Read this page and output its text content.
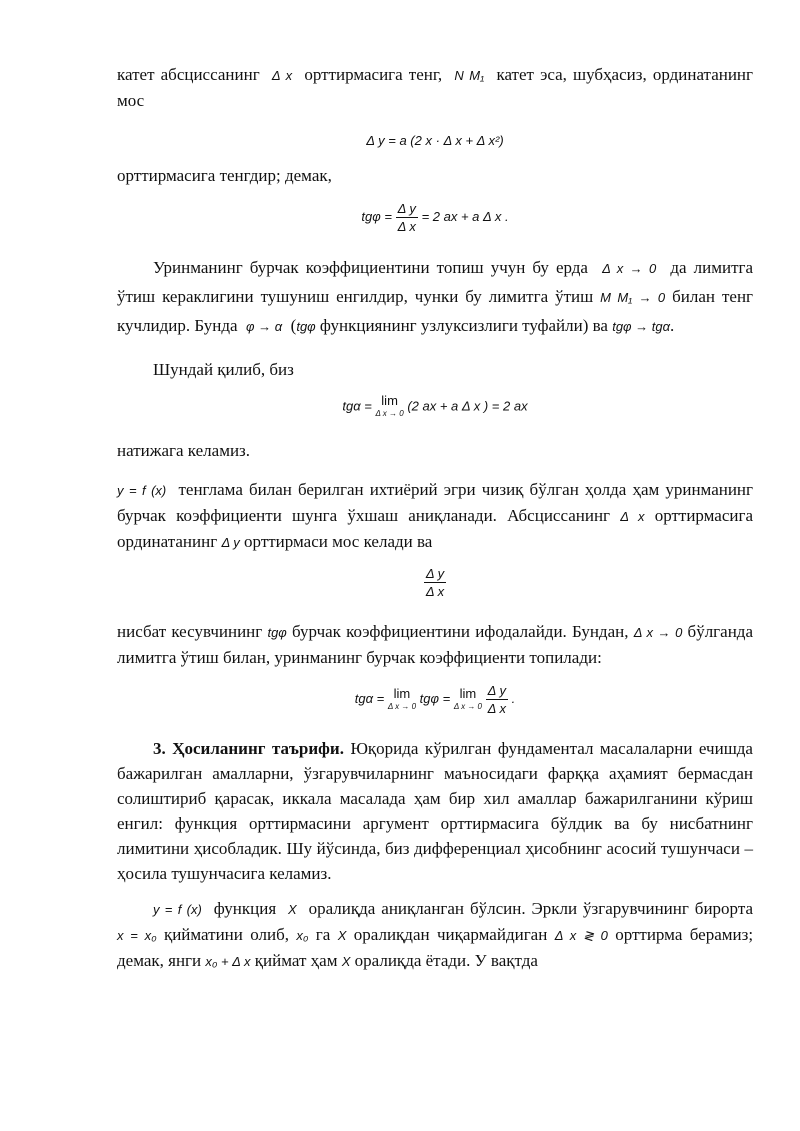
катет абсциссанинг Δ x орттирмасига тенг, N M₁ катет эса, шубҳасиз, ординатанинг мос

Δ y = a (2 x · Δ x + Δ x²)

орттирмасига тенгдир; демак,

$tg\varphi = \frac{\text{Δ y}}{\text{Δ x}} = 2$ ax + a Δ x .

Уринманинг бурчак коэффициентини топиш учун бу ерда Δ x → 0 да лимитга ўтиш кераклигини тушуниш енгилдир, чунки бу лимитга ўтиш M M₁ → 0 билан тенг кучлидир. Бунда φ → α (tgφ функциянинг узлуксизлиги туфайли) ва tgφ → tgα.

Шундай қилиб, биз

tgα = lim
Δ x → 0
(2 ax + a Δ x ) = 2 ax

натижага келамиз.

y = f (x) тенглама билан берилган ихтиёрий эгри чизиқ бўлган ҳолда ҳам уринманинг бурчак коэффициенти шунга ўхшаш аниқланади. Абсциссанинг Δ x орттирмасига ординатанинг Δ y орттирмаси мос келади ва

$\frac{\text{Δ y}}{\text{Δ x}}$

нисбат кесувчининг tgφ бурчак коэффициентини ифодалайди. Бундан, Δ x → 0 бўлганда лимитга ўтиш билан, уринманинг бурчак коэффициенти топилади:

tgα = lim
Δ x → 0
tgφ = lim
Δ x → 0
$\frac{\text{Δ y}}{\text{Δ x}}$ .

3. Ҳосиланинг таърифи. Юқорида кўрилган фундаментал масалаларни ечишда бажарилган амалларни, ўзгарувчиларнинг маъносидаги фарққа аҳамият бермасдан солиштириб қарасак, иккала масалада ҳам бир хил амаллар бажарилганини кўриш енгил: функция орттирмасини аргумент орттирмасига бўлдик ва бу нисбатнинг лимитини ҳисобладик. Шу йўсинда, биз дифференциал ҳисобнинг асосий тушунчаси – ҳосила тушунчасига келамиз.

y = f (x) функция X оралиқда аниқланган бўлсин. Эркли ўзгарувчининг бирорта x = x₀ қийматини олиб, x₀ га X оралиқдан чиқармайдиган Δ x ≷ 0 орттирма берамиз; демак, янги x₀ + Δ x қиймат ҳам X оралиқда ётади. У вақтда
